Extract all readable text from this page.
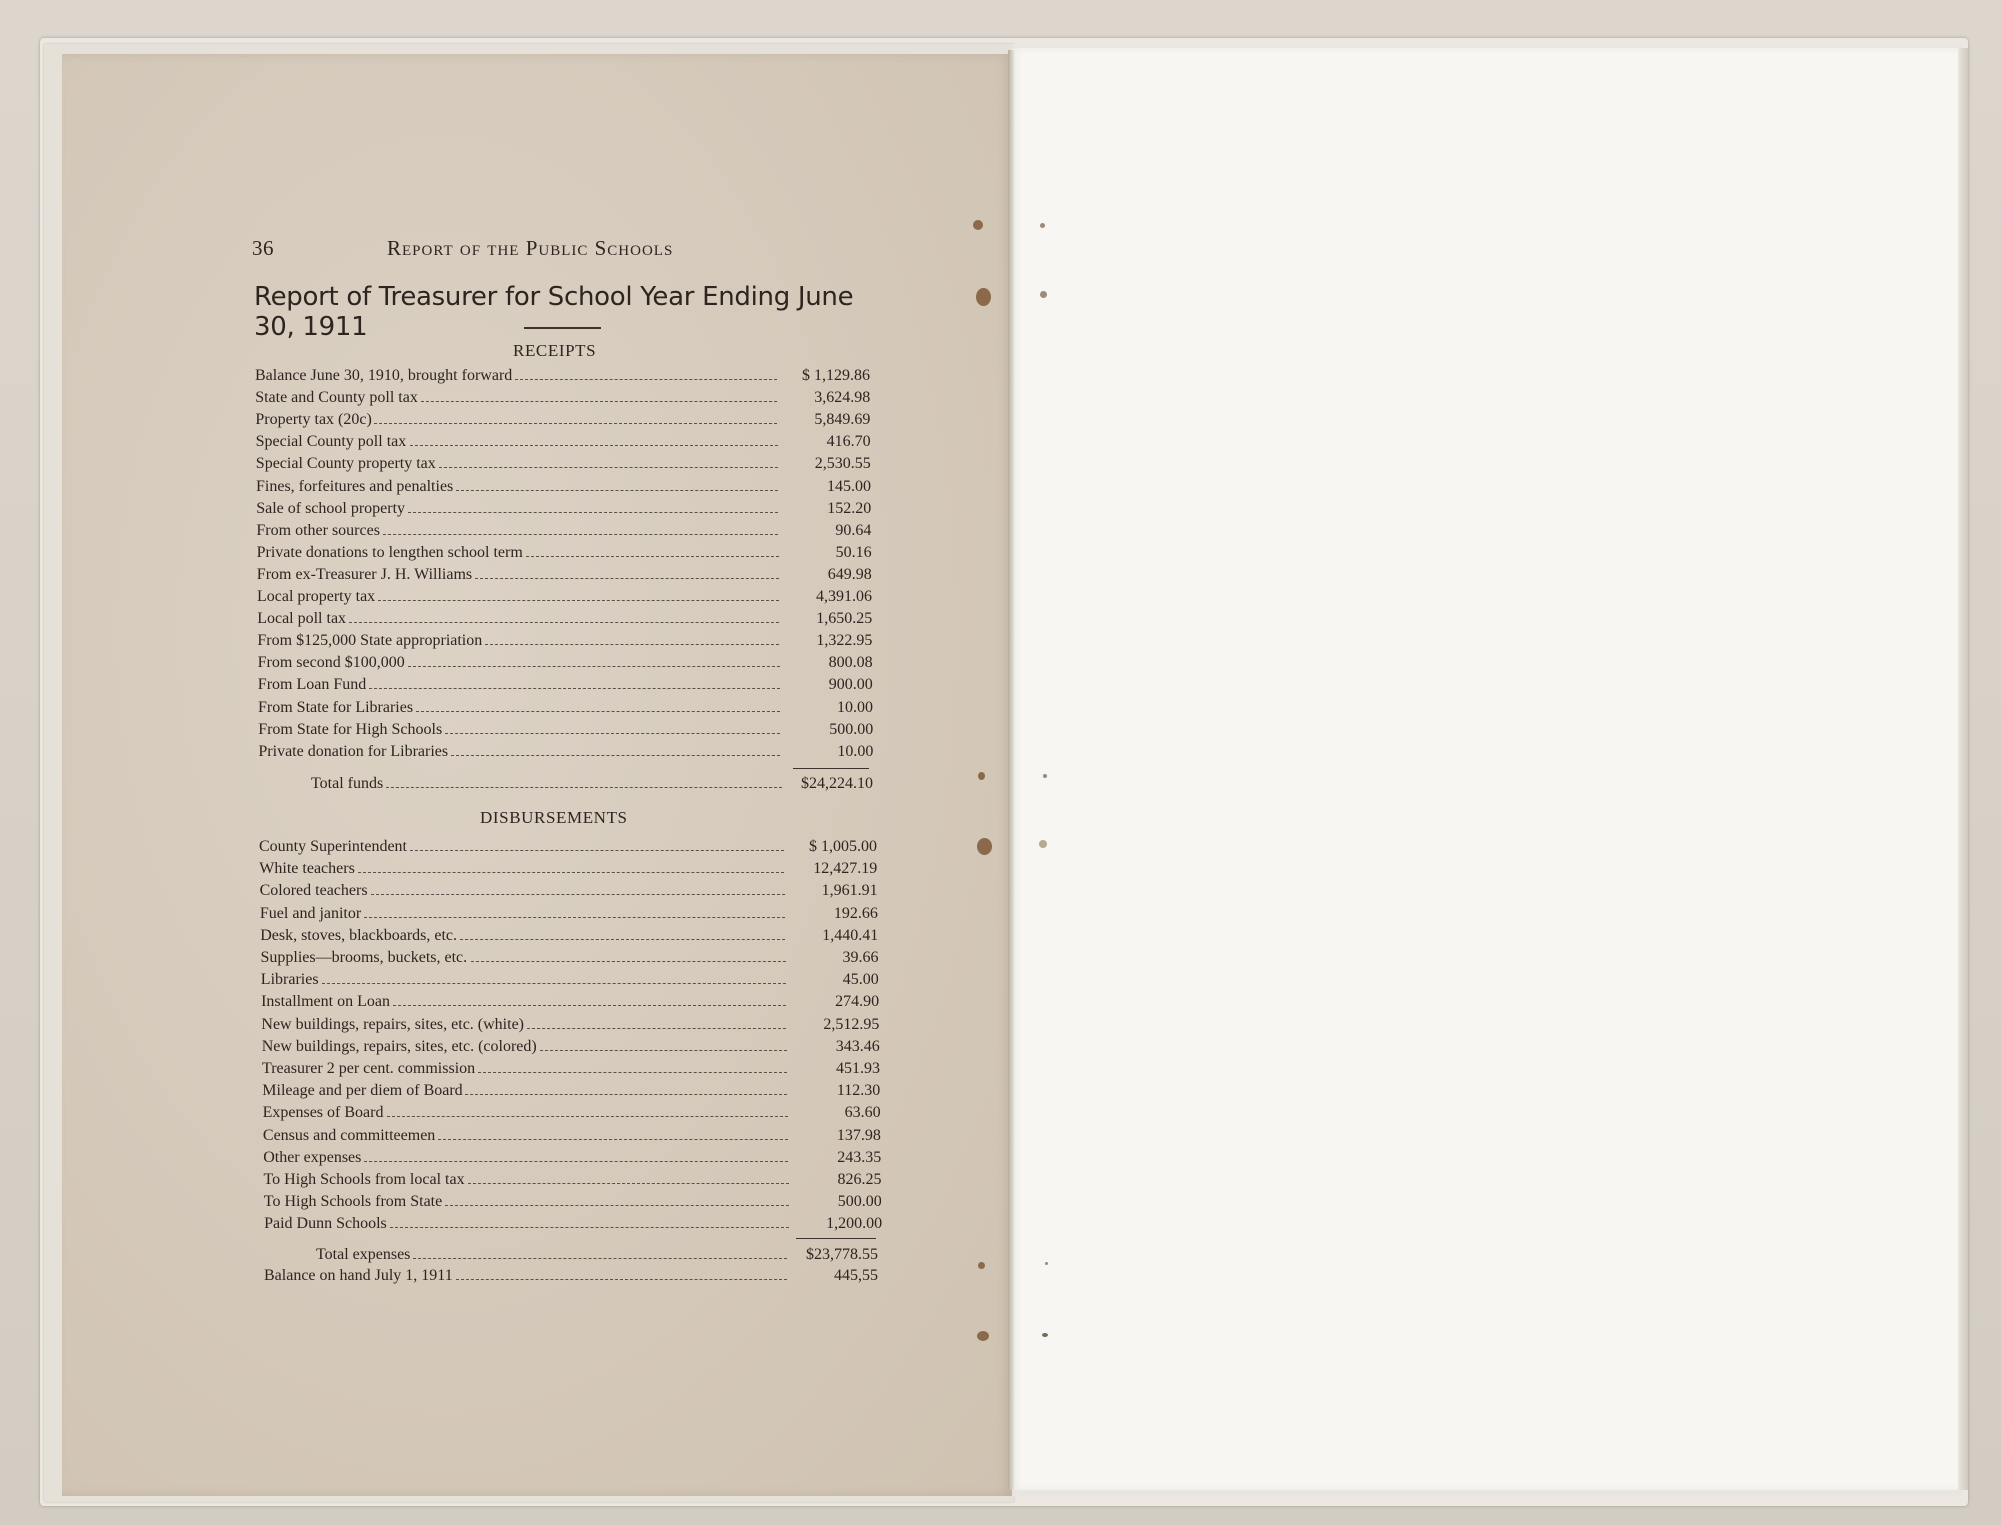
36	Report of the Public Schools
Report of Treasurer for School Year Ending June 30, 1911
RECEIPTS
Balance June 30, 1910, brought forward	$ 1,129.86
State and County poll tax	3,624.98
Property tax (20c)	5,849.69
Special County poll tax	416.70
Special County property tax	2,530.55
Fines, forfeitures and penalties	145.00
Sale of school property	152.20
From other sources	90.64
Private donations to lengthen school term	50.16
From ex-Treasurer J. H. Williams	649.98
Local property tax	4,391.06
Local poll tax	1,650.25
From $125,000 State appropriation	1,322.95
From second $100,000	800.08
From Loan Fund	900.00
From State for Libraries	10.00
From State for High Schools	500.00
Private donation for Libraries	10.00
Total funds	$24,224.10
DISBURSEMENTS
County Superintendent	$ 1,005.00
White teachers	12,427.19
Colored teachers	1,961.91
Fuel and janitor	192.66
Desk, stoves, blackboards, etc.	1,440.41
Supplies—brooms, buckets, etc.	39.66
Libraries	45.00
Installment on Loan	274.90
New buildings, repairs, sites, etc. (white)	2,512.95
New buildings, repairs, sites, etc. (colored)	343.46
Treasurer 2 per cent. commission	451.93
Mileage and per diem of Board	112.30
Expenses of Board	63.60
Census and committeemen	137.98
Other expenses	243.35
To High Schools from local tax	826.25
To High Schools from State	500.00
Paid Dunn Schools	1,200.00
Total expenses	$23,778.55
Balance on hand July 1, 1911	445,55
